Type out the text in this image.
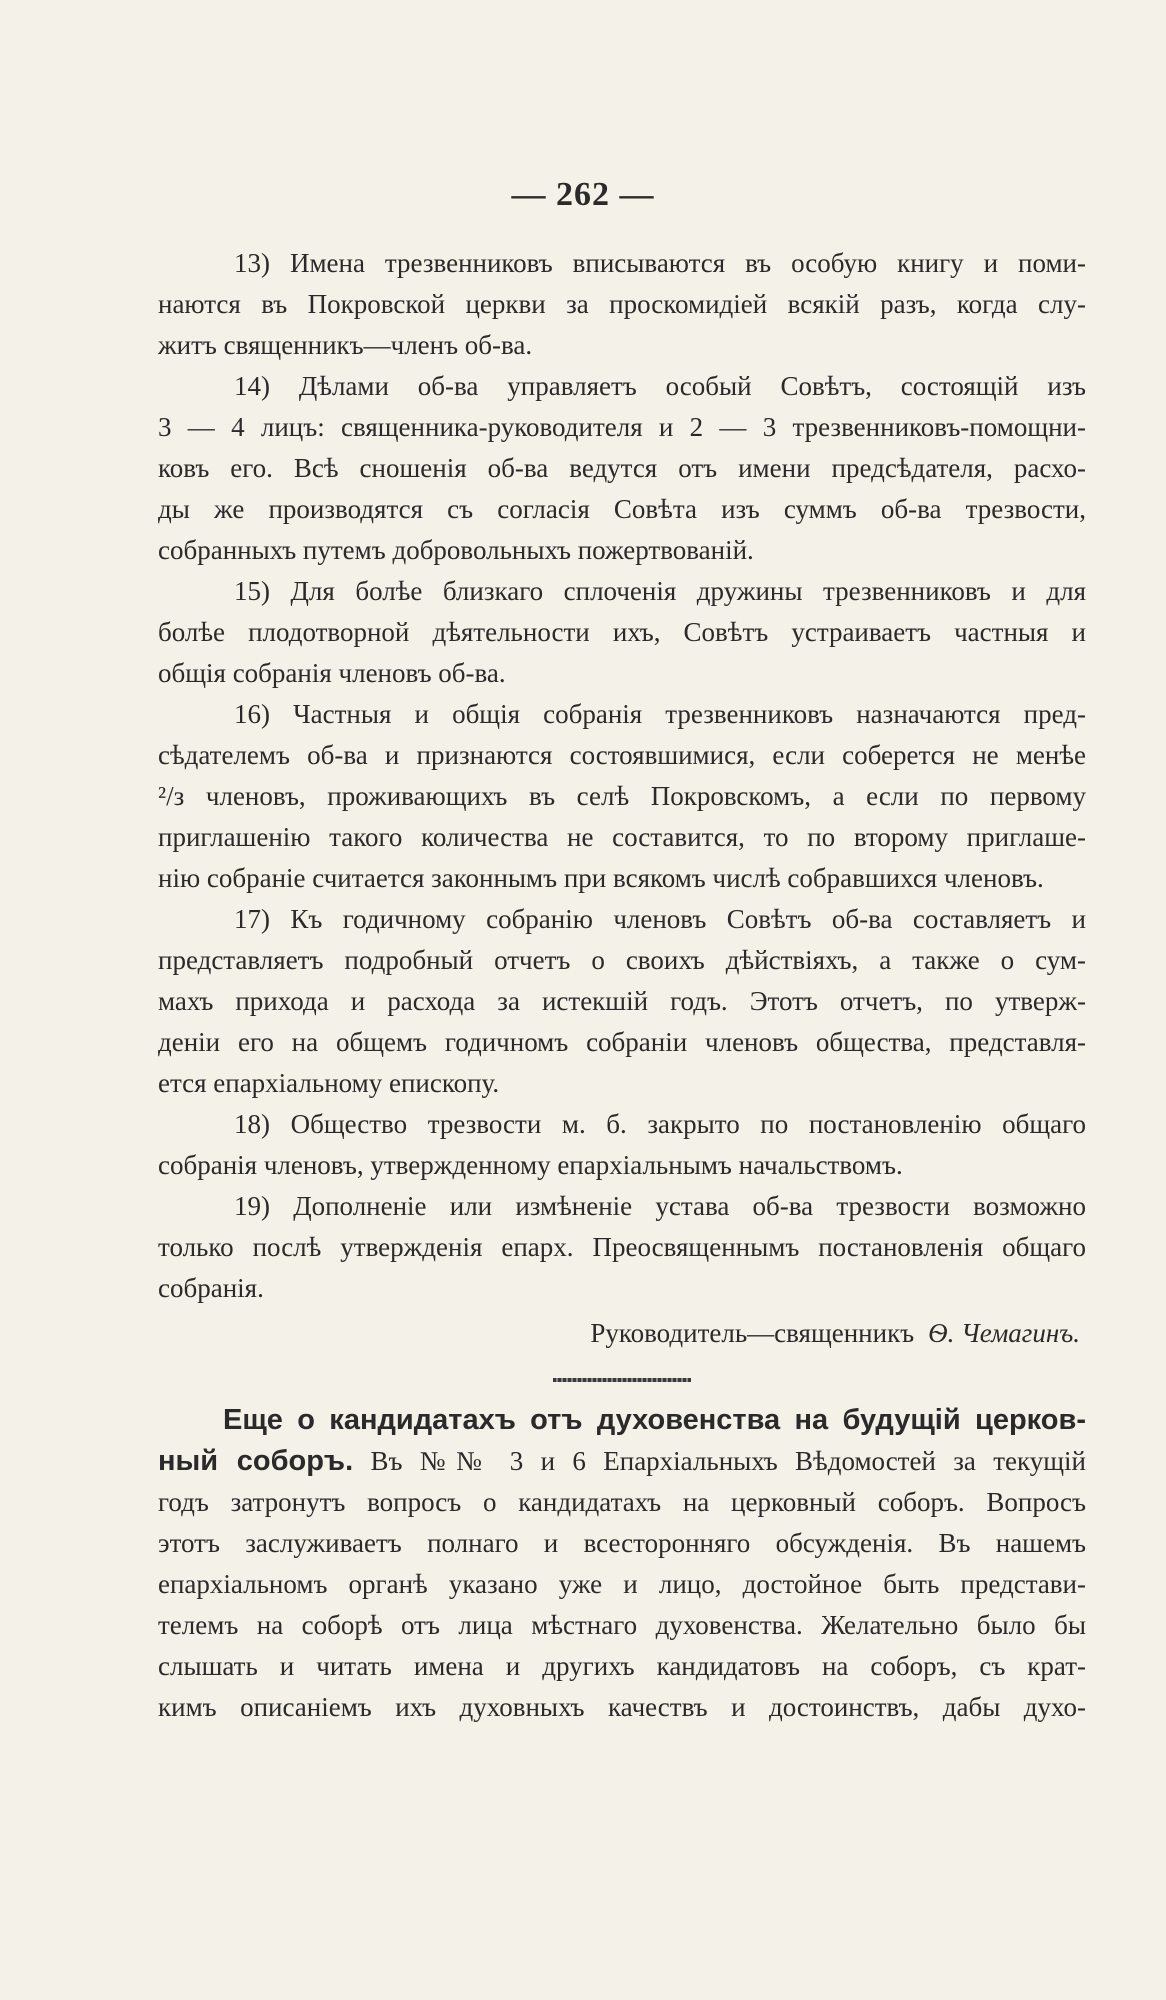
— 262 —

13) Имена трезвенниковъ вписываются въ особую книгу и поми-

наются въ Покровской церкви за проскомидiей всякiй разъ, когда слу-

житъ священникъ—членъ об-ва.

14) Дѣлами об-ва управляетъ особый Совѣтъ, состоящiй изъ

3 — 4 лицъ: священника-руководителя и 2 — 3 трезвенниковъ-помощни-

ковъ его. Всѣ сношенiя об-ва ведутся отъ имени предсѣдателя, расхо-

ды же производятся съ согласiя Совѣта изъ суммъ об-ва трезвости,

собранныхъ путемъ добровольныхъ пожертвованiй.

15) Для болѣе близкаго сплоченiя дружины трезвенниковъ и для

болѣе плодотворной дѣятельности ихъ, Совѣтъ устраиваетъ частныя и

общiя собранiя членовъ об-ва.

16) Частныя и общiя собранiя трезвенниковъ назначаются пред-

сѣдателемъ об-ва и признаются состоявшимися, если соберется не менѣе

²/з членовъ, проживающихъ въ селѣ Покровскомъ, а если по первому

приглашенiю такого количества не составится, то по второму приглаше-

нiю собранiе считается законнымъ при всякомъ числѣ собравшихся членовъ.

17) Къ годичному собранiю членовъ Совѣтъ об-ва составляетъ и

представляетъ подробный отчетъ о своихъ дѣйствiяхъ, а также о сум-

махъ прихода и расхода за истекшiй годъ. Этотъ отчетъ, по утверж-

денiи его на общемъ годичномъ собранiи членовъ общества, представля-

ется епархiальному епископу.

18) Общество трезвости м. б. закрыто по постановленiю общаго

собранiя членовъ, утвержденному епархiальнымъ начальствомъ.

19) Дополненiе или измѣненiе устава об-ва трезвости возможно

только послѣ утвержденiя епарх. Преосвященнымъ постановленiя общаго

собранiя.

Руководитель—священникъ Ѳ. Чемагинъ.

Еще о кандидатахъ отъ духовенства на будущiй церков-

ный соборъ. Въ №№ 3 и 6 Епархiальныхъ Вѣдомостей за текущiй

годъ затронутъ вопросъ о кандидатахъ на церковный соборъ. Вопросъ

этотъ заслуживаетъ полнаго и всесторонняго обсужденiя. Въ нашемъ

епархiальномъ органѣ указано уже и лицо, достойное быть представи-

телемъ на соборѣ отъ лица мѣстнаго духовенства. Желательно было бы

слышать и читать имена и другихъ кандидатовъ на соборъ, съ крат-

кимъ описанiемъ ихъ духовныхъ качествъ и достоинствъ, дабы духо-
